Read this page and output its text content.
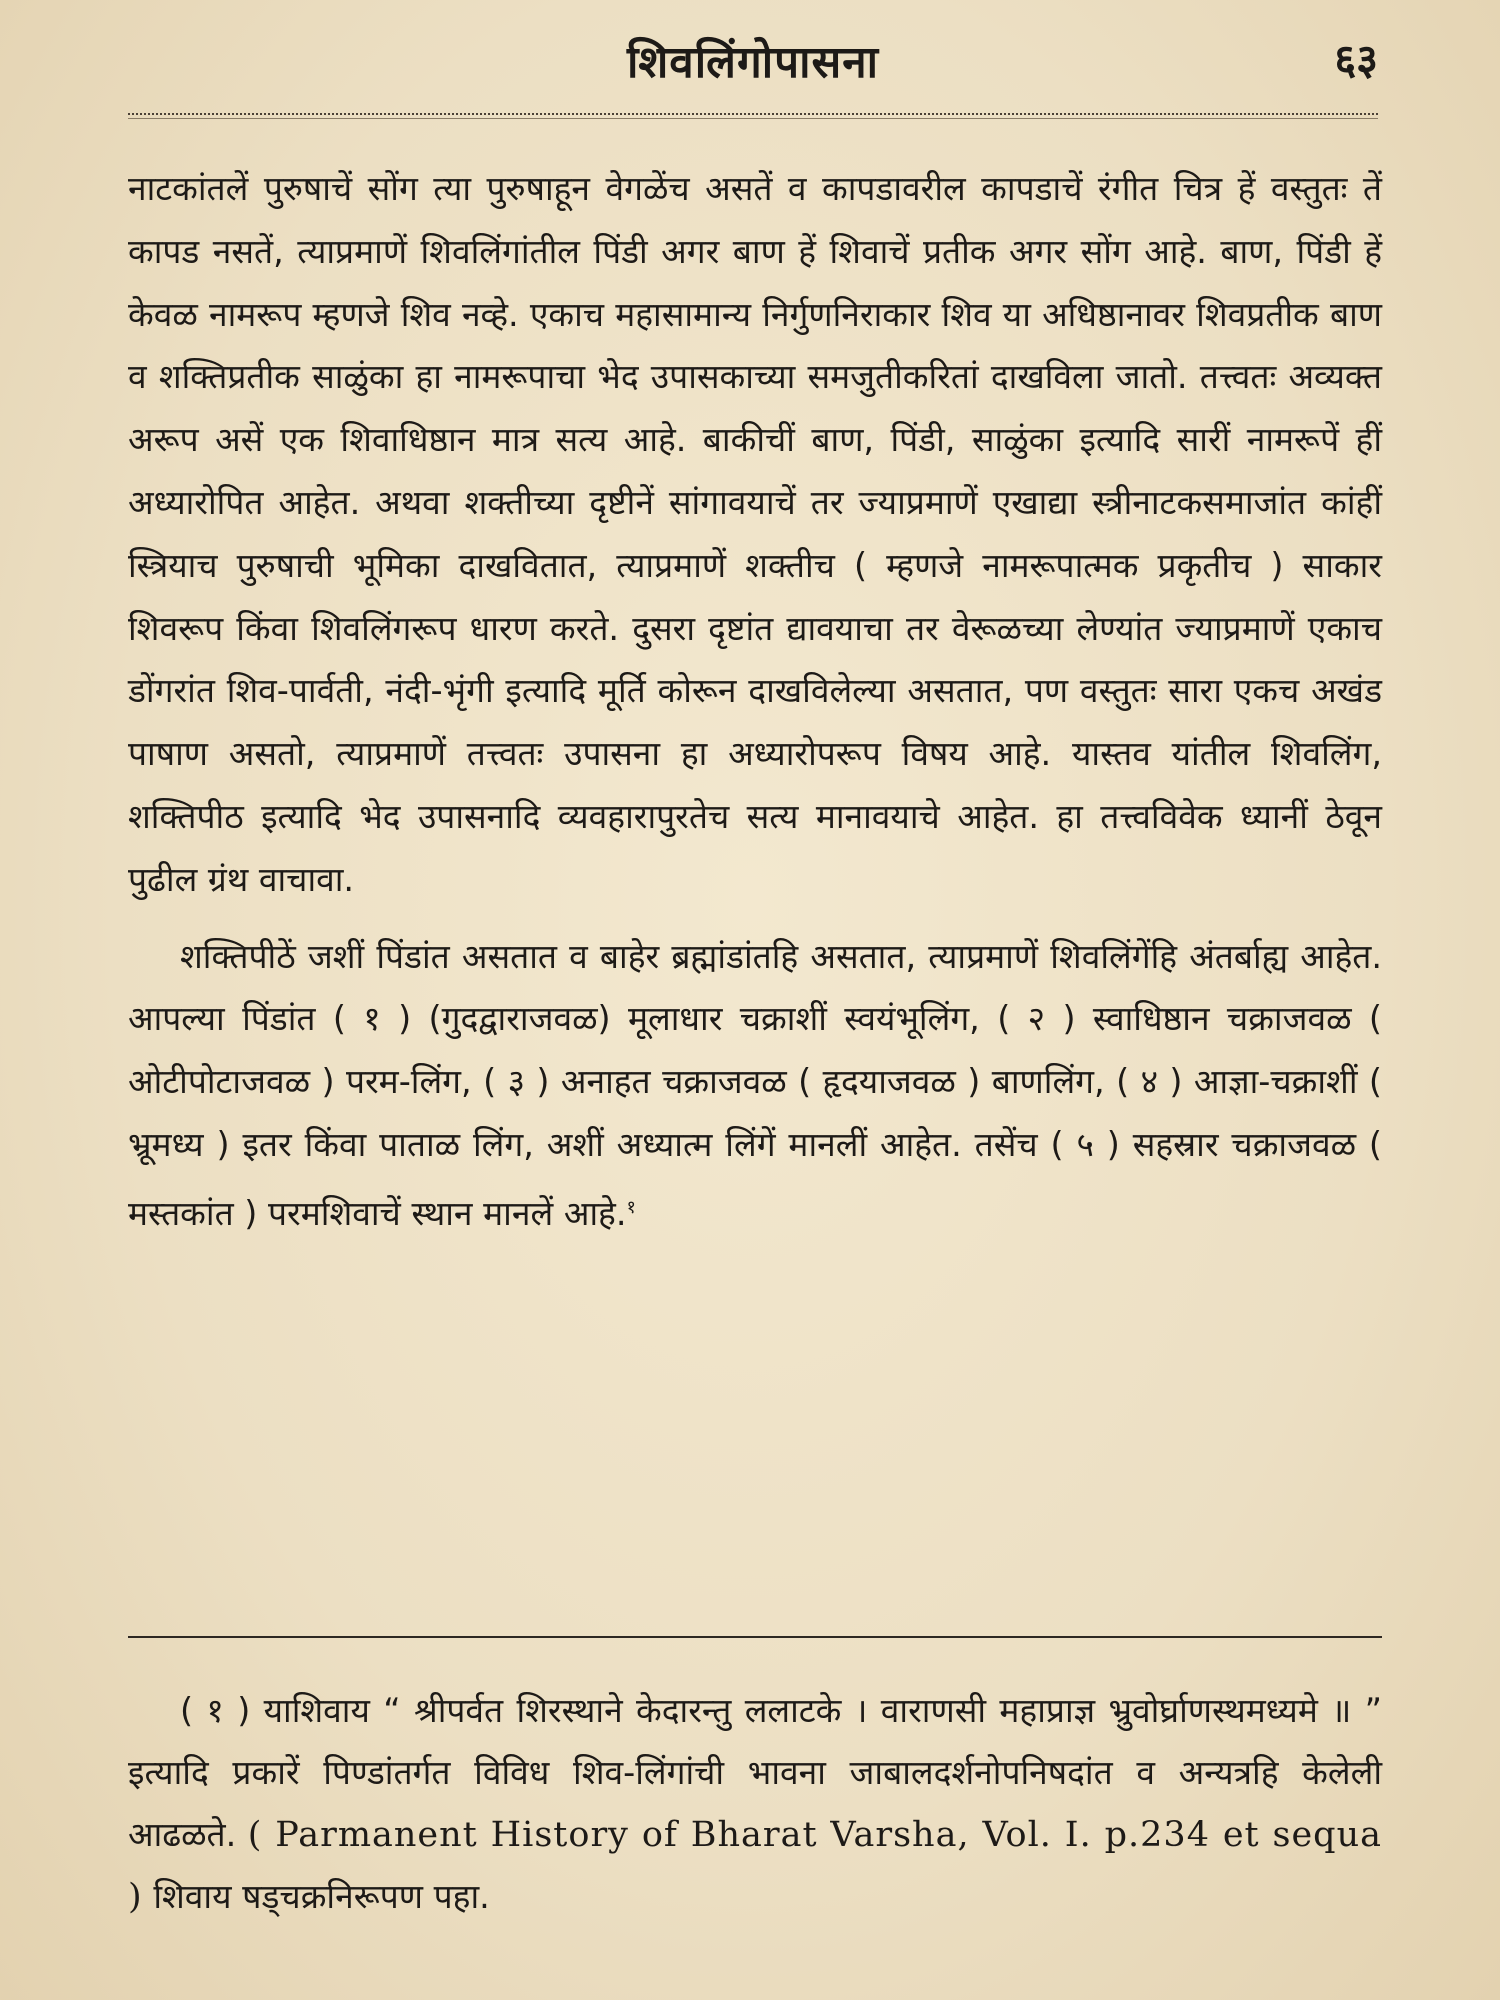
शिवलिंगोपासना	६३

नाटकांतलें पुरुषाचें सोंग त्या पुरुषाहून वेगळेंच असतें व कापडावरील कापडाचें रंगीत चित्र हें वस्तुतः तें कापड नसतें, त्याप्रमाणें शिवलिंगांतील पिंडी अगर बाण हें शिवाचें प्रतीक अगर सोंग आहे. बाण, पिंडी हें केवळ नामरूप म्हणजे शिव नव्हे. एकाच महासामान्य निर्गुणनिराकार शिव या अधिष्ठानावर शिवप्रतीक बाण व शक्तिप्रतीक साळुंका हा नामरूपाचा भेद उपासकाच्या समजुतीकरितां दाखविला जातो. तत्त्वतः अव्यक्त अरूप असें एक शिवाधिष्ठान मात्र सत्य आहे. बाकीचीं बाण, पिंडी, साळुंका इत्यादि सारीं नामरूपें हीं अध्यारोपित आहेत. अथवा शक्तीच्या दृष्टीनें सांगावयाचें तर ज्याप्रमाणें एखाद्या स्त्रीनाटकसमाजांत कांहीं स्त्रियाच पुरुषाची भूमिका दाखवितात, त्याप्रमाणें शक्तीच ( म्हणजे नामरूपात्मक प्रकृतीच ) साकार शिवरूप किंवा शिवलिंगरूप धारण करते. दुसरा दृष्टांत द्यावयाचा तर वेरूळच्या लेण्यांत ज्याप्रमाणें एकाच डोंगरांत शिव-पार्वती, नंदी-भृंगी इत्यादि मूर्ति कोरून दाखविलेल्या असतात, पण वस्तुतः सारा एकच अखंड पाषाण असतो, त्याप्रमाणें तत्त्वतः उपासना हा अध्यारोपरूप विषय आहे. यास्तव यांतील शिवलिंग, शक्तिपीठ इत्यादि भेद उपासनादि व्यवहारापुरतेच सत्य मानावयाचे आहेत. हा तत्त्वविवेक ध्यानीं ठेवून पुढील ग्रंथ वाचावा.

शक्तिपीठें जशीं पिंडांत असतात व बाहेर ब्रह्मांडांतहि असतात, त्याप्रमाणें शिवलिंगेंहि अंतर्बाह्य आहेत. आपल्या पिंडांत ( १ ) (गुदद्वाराजवळ) मूलाधार चक्राशीं स्वयंभूलिंग, ( २ ) स्वाधिष्ठान चक्राजवळ ( ओटीपोटाजवळ ) परम-लिंग, ( ३ ) अनाहत चक्राजवळ ( हृदयाजवळ ) बाणलिंग, ( ४ ) आज्ञा-चक्राशीं ( भ्रूमध्य ) इतर किंवा पाताळ लिंग, अशीं अध्यात्म लिंगें मानलीं आहेत. तसेंच ( ५ ) सहस्रार चक्राजवळ ( मस्तकांत ) परमशिवाचें स्थान मानलें आहे.$^१$

( १ ) याशिवाय “ श्रीपर्वत शिरस्थाने केदारन्तु ललाटके । वाराणसी महाप्राज्ञ भ्रुवोर्घ्राणस्थमध्यमे ॥ ” इत्यादि प्रकारें पिण्डांतर्गत विविध शिव-लिंगांची भावना जाबालदर्शनोपनिषदांत व अन्यत्रहि केलेली आढळते. ( Parmanent History of Bharat Varsha, Vol. I. p.234 et sequa ) शिवाय षड्चक्रनिरूपण पहा.
